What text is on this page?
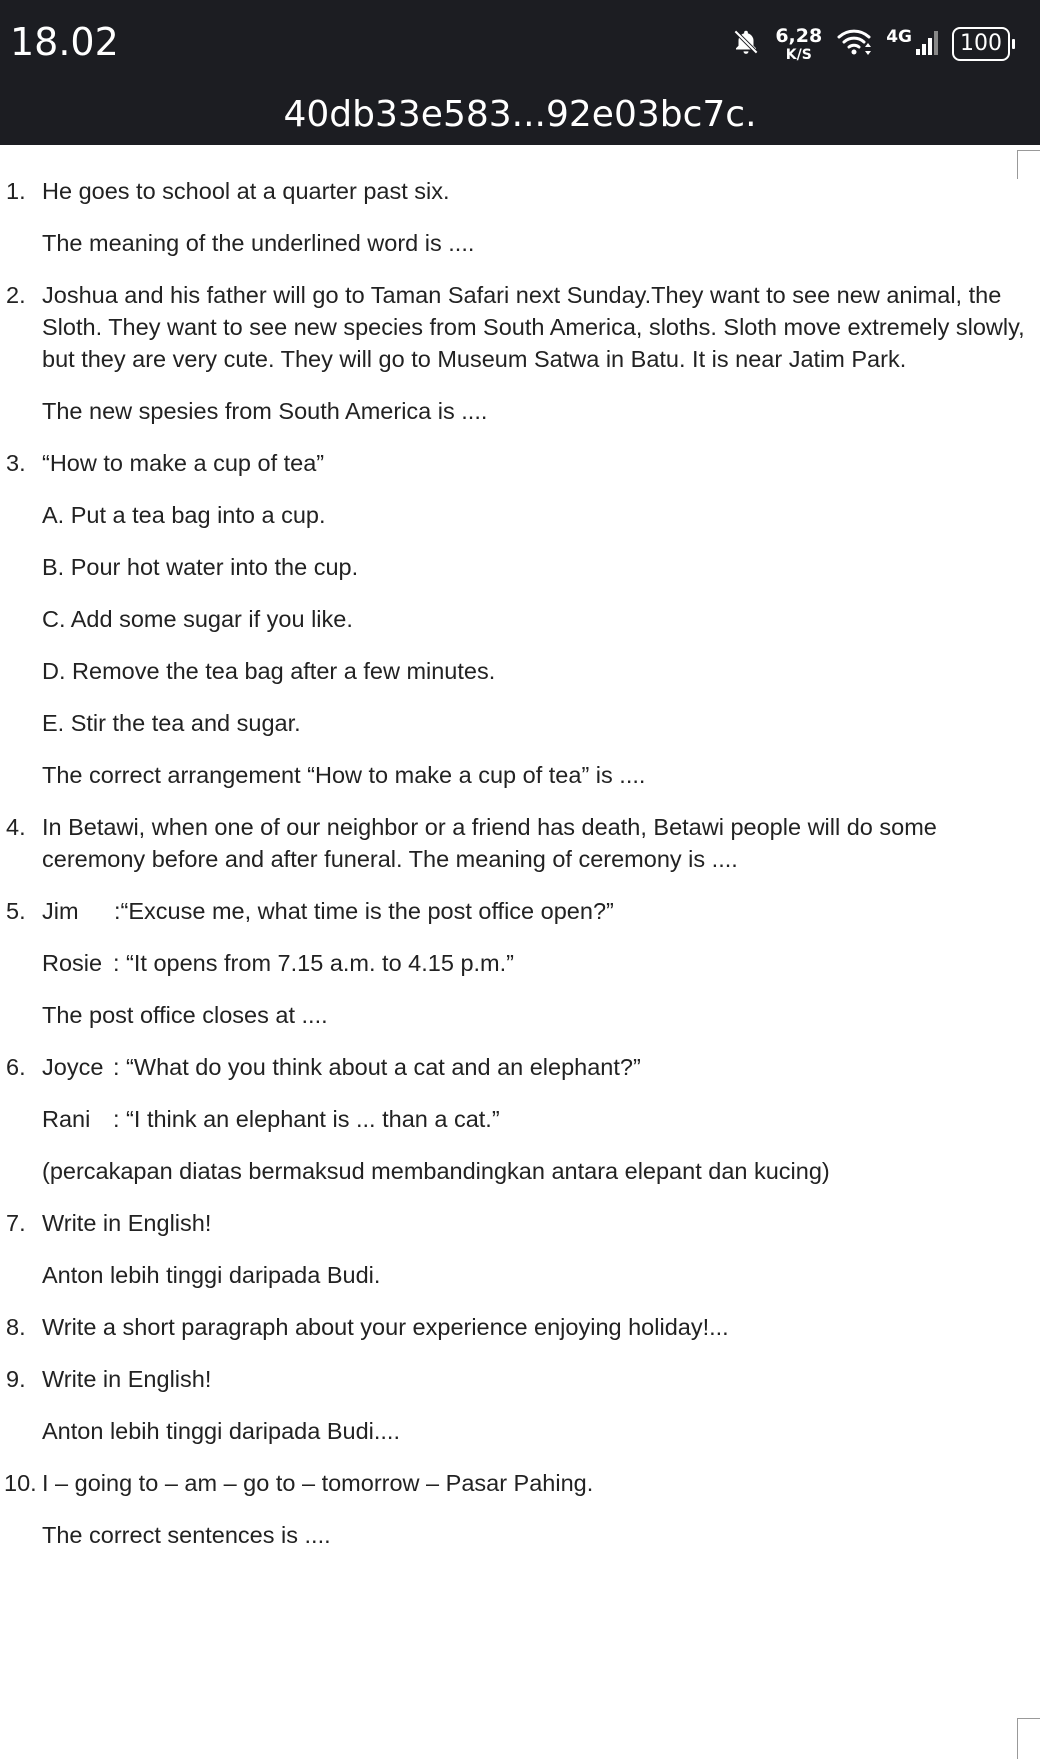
18.02	6,28
K/S
4G	100
40db33e583...92e03bc7c.
1. He goes to school at a quarter past six.

The meaning of the underlined word is ....

2. Joshua and his father will go to Taman Safari next Sunday.They want to see new animal, the Sloth. They want to see new species from South America, sloths. Sloth move extremely slowly, but they are very cute. They will go to Museum Satwa in Batu. It is near Jatim Park.

The new spesies from South America is ....

3. “How to make a cup of tea”

A. Put a tea bag into a cup.

B. Pour hot water into the cup.

C. Add some sugar if you like.

D. Remove the tea bag after a few minutes.

E. Stir the tea and sugar.

The correct arrangement “How to make a cup of tea” is ....

4. In Betawi, when one of our neighbor or a friend has death, Betawi people will do some ceremony before and after funeral. The meaning of ceremony is ....

5. Jim	:“Excuse me, what time is the post office open?”
Rosie : “It opens from 7.15 a.m. to 4.15 p.m.”

The post office closes at ....

6. Joyce : “What do you think about a cat and an elephant?”
Rani : “I think an elephant is ... than a cat.”

(percakapan diatas bermaksud membandingkan antara elepant dan kucing)

7. Write in English!

Anton lebih tinggi daripada Budi.

8. Write a short paragraph about your experience enjoying holiday!...

9. Write in English!

Anton lebih tinggi daripada Budi....

10. I – going to – am – go to – tomorrow – Pasar Pahing.

The correct sentences is ....
